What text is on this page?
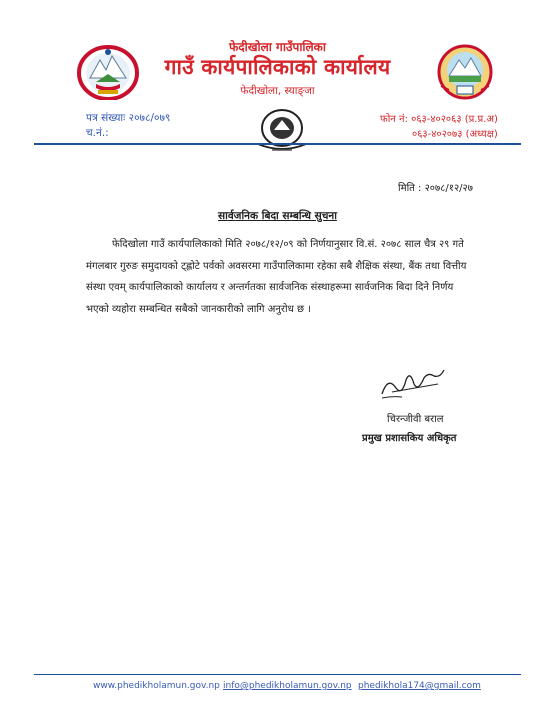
फेदीखोला गाउँपालिका
गाउँ कार्यपालिकाको कार्यालय
फेदीखोला, स्याङ्जा
पत्र संख्याः २०७८/०७९
च.नं.:
फोन नं: ०६३-४०२०६३ (प्र.प्र.अ)
०६३-४०२०७३ (अध्यक्ष)
मिति : २०७८/१२/२७
सार्वजनिक बिदा सम्बन्धि सुचना
फेदिखोला गाउँ कार्यपालिकाको मिति २०७८/१२/०९ को निर्णयानुसार वि.सं. २०७८ साल चैत्र २९ गते
मंगलबार गुरुङ समुदायको ट्ह्लोटे पर्वको अवसरमा गाउँपालिकामा रहेका सबै शैक्षिक संस्था, बैंक तथा वित्तीय
संस्था एवम् कार्यपालिकाको कार्यालय र अन्तर्गतका सार्वजनिक संस्थाहरूमा सार्वजनिक बिदा दिने निर्णय
भएको व्यहोरा सम्बन्धित सबैको जानकारीको लागि अनुरोध छ ।
चिरन्जीवी बराल
प्रमुख प्रशासकिय अधिकृत
www.phedikholamun.gov.np info@phedikholamun.gov.np phedikhola174@gmail.com
